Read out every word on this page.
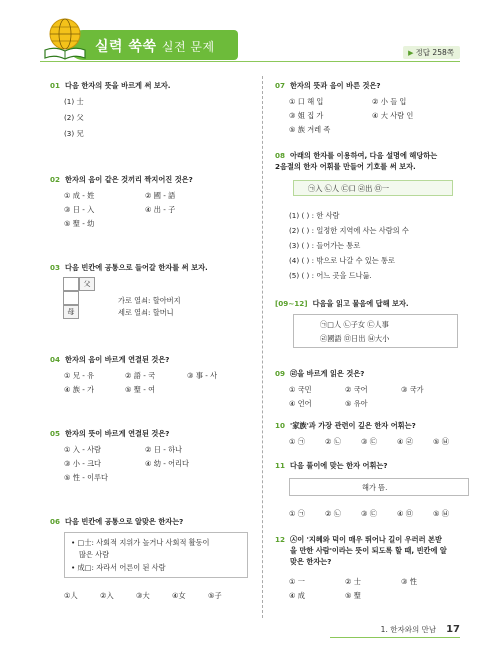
실력 쑥쑥 실전 문제	▶ 정답 258쪽
01 다음 한자의 뜻을 바르게 써 보자.
(1) 士
(2) 父
(3) 兄
02 한자의 음이 같은 것끼리 짝지어진 것은?
① 成 - 姓	② 國 - 語
③ 日 - 入	④ 出 - 子
⑤ 聖 - 幼
03 다음 빈칸에 공통으로 들어갈 한자를 써 보자.
父
母
가로 열쇠: 할아버지
세로 열쇠: 할머니
04 한자의 음이 바르게 연결된 것은?
① 兄 - 유	② 語 - 국	③ 事 - 사
④ 族 - 가	⑤ 聖 - 여
05 한자의 뜻이 바르게 연결된 것은?
① 入 - 사람	② 日 - 하나
③ 小 - 크다	④ 幼 - 어리다
⑤ 性 - 이루다
06 다음 빈칸에 공통으로 알맞은 한자는?
• □士: 사회적 지위가 높거나 사회적 활동이
많은 사람
• 成□: 자라서 어른이 된 사람
①人	②入	③大	④女	⑤子
07 한자의 뜻과 음이 바른 것은?
① 口 해 입	② 小 들 입
③ 姐 집 가	④ 大 사람 인
⑤ 族 겨레 족
08 아래의 한자를 이용하여, 다음 설명에 해당하는
2음절의 한자 어휘를 만들어 기호를 써 보자.
㉠入 ㉡人 ㉢口 ㉣出 ㉤一
(1) ( ) : 한 사람
(2) ( ) : 일정한 지역에 사는 사람의 수
(3) ( ) : 들어가는 통로
(4) ( ) : 밖으로 나갈 수 있는 통로
(5) ( ) : 어느 곳을 드나듦.
[09~12] 다음을 읽고 물음에 답해 보자.
㉠□人 ㉡子女 ㉢人事
㉣國語 ㉤日出 ㉥大小
09 ㉣을 바르게 읽은 것은?
① 국민	② 국어	③ 국가
④ 언어	⑤ 유아
10 '家族'과 가장 관련이 깊은 한자 어휘는?
① ㉠	② ㉡	③ ㉢	④ ㉣	⑤ ㉥
11 다음 풀이에 맞는 한자 어휘는?
해가 뜸.
① ㉠	② ㉡	③ ㉢	④ ㉤	⑤ ㉥
12 ㉦이 '지혜와 덕이 매우 뛰어나 길이 우러러 본받
을 만한 사람'이라는 뜻이 되도록 할 때, 빈칸에 알
맞은 한자는?
① 一	② 士	③ 性
④ 成	⑤ 聖
1. 한자와의 만남 17
